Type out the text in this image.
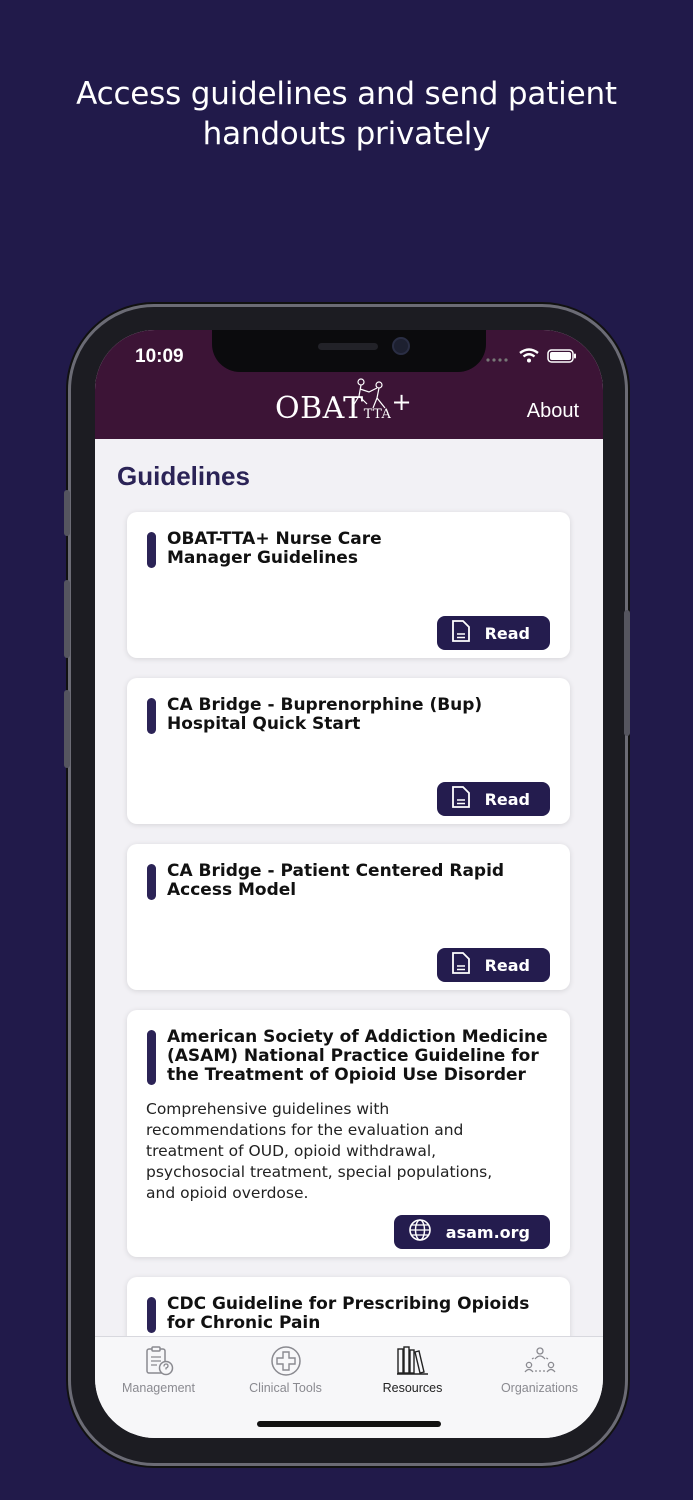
Access guidelines and send patient
handouts privately
10:09
OBATTTA+	About
Guidelines
OBAT-TTA+ Nurse Care
Manager Guidelines
Read
CA Bridge - Buprenorphine (Bup)
Hospital Quick Start
Read
CA Bridge - Patient Centered Rapid
Access Model
Read
American Society of Addiction Medicine
(ASAM) National Practice Guideline for
the Treatment of Opioid Use Disorder
Comprehensive guidelines with
recommendations for the evaluation and
treatment of OUD, opioid withdrawal,
psychosocial treatment, special populations,
and opioid overdose.
asam.org
CDC Guideline for Prescribing Opioids
for Chronic Pain
Management	Clinical Tools	Resources	Organizations
